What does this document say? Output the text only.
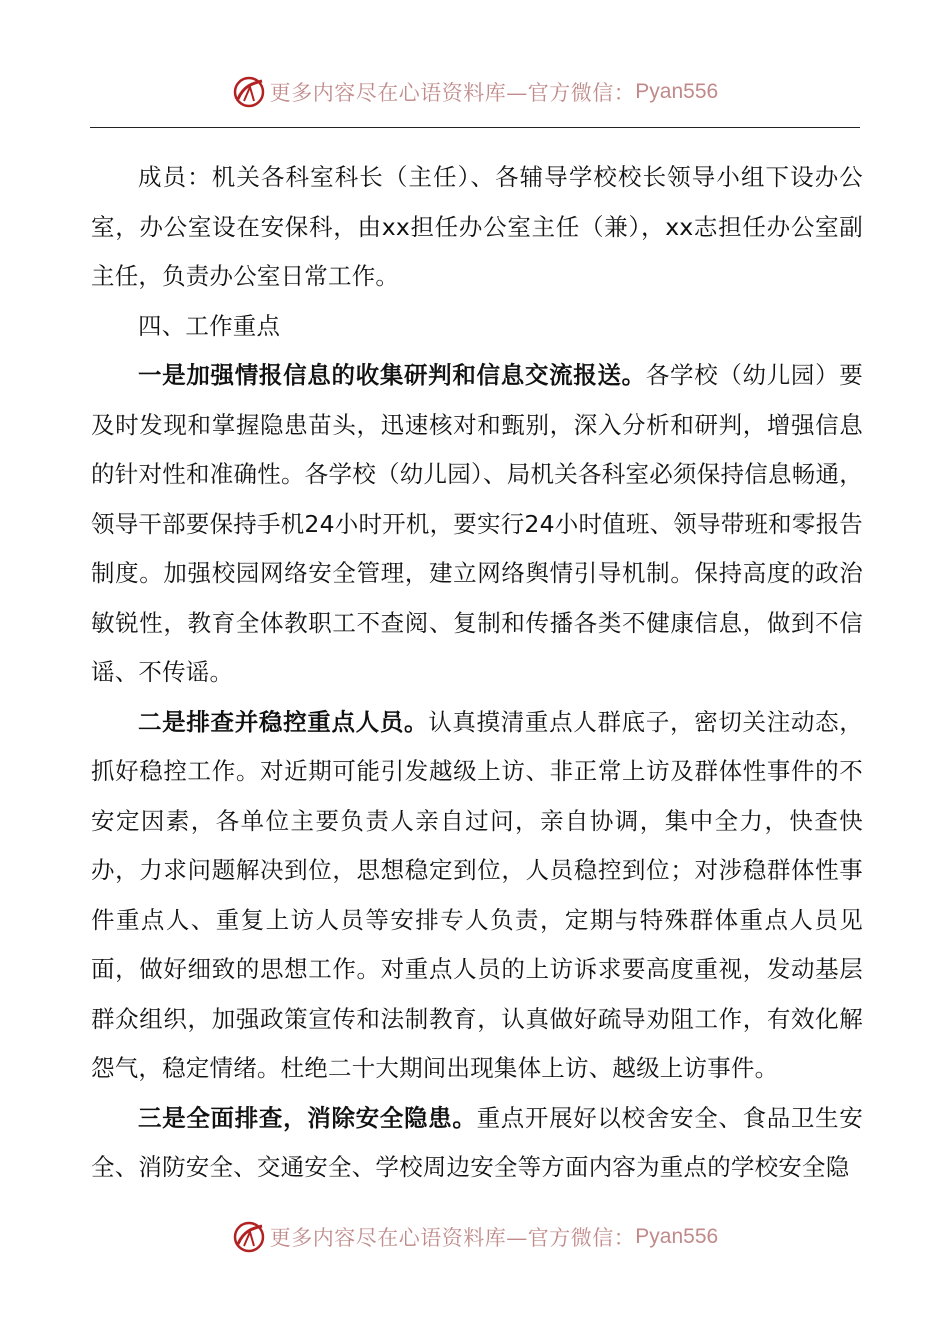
更多内容尽在心语资料库—官方微信： Pyan556

成员：机关各科室科长（主任）、各辅导学校校长领导小组下设办公室，办公室设在安保科，由xx担任办公室主任（兼），xx志担任办公室副主任，负责办公室日常工作。

四、工作重点

一是加强情报信息的收集研判和信息交流报送。各学校（幼儿园）要及时发现和掌握隐患苗头，迅速核对和甄别，深入分析和研判，增强信息的针对性和准确性。各学校（幼儿园）、局机关各科室必须保持信息畅通，领导干部要保持手机24小时开机，要实行24小时值班、领导带班和零报告制度。加强校园网络安全管理，建立网络舆情引导机制。保持高度的政治敏锐性，教育全体教职工不查阅、复制和传播各类不健康信息，做到不信谣、不传谣。

二是排查并稳控重点人员。认真摸清重点人群底子，密切关注动态，抓好稳控工作。对近期可能引发越级上访、非正常上访及群体性事件的不安定因素，各单位主要负责人亲自过问，亲自协调，集中全力，快查快办，力求问题解决到位，思想稳定到位，人员稳控到位；对涉稳群体性事件重点人、重复上访人员等安排专人负责，定期与特殊群体重点人员见面，做好细致的思想工作。对重点人员的上访诉求要高度重视，发动基层群众组织，加强政策宣传和法制教育，认真做好疏导劝阻工作，有效化解怨气，稳定情绪。杜绝二十大期间出现集体上访、越级上访事件。

三是全面排查，消除安全隐患。重点开展好以校舍安全、食品卫生安全、消防安全、交通安全、学校周边安全等方面内容为重点的学校安全隐

更多内容尽在心语资料库—官方微信： Pyan556
